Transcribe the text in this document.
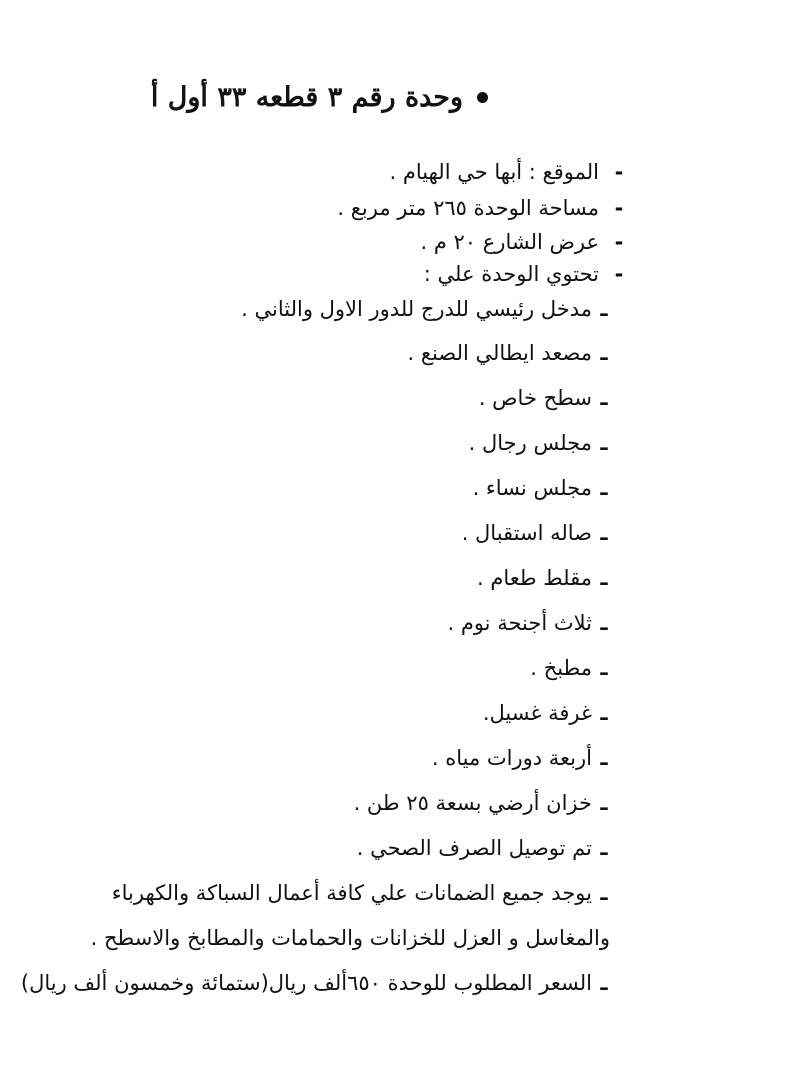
وحدة رقم ٣ قطعه ٣٣ أول أ
-
الموقع : أبها حي الهيام .
-
مساحة الوحدة ٢٦٥ متر مربع .
-
عرض الشارع ٢٠ م .
-
تحتوي الوحدة علي :
ـ
مدخل رئيسي للدرج للدور الاول والثاني .
ـ
مصعد ايطالي الصنع .
ـ
سطح خاص .
ـ
مجلس رجال .
ـ
مجلس نساء .
ـ
صاله استقبال .
ـ
مقلط طعام .
ـ
ثلاث أجنحة نوم .
ـ
مطبخ .
ـ
غرفة غسيل.
ـ
أربعة دورات مياه .
ـ
خزان أرضي بسعة ٢٥ طن .
ـ
تم توصيل الصرف الصحي .
ـ
يوجد جميع الضمانات علي كافة أعمال السباكة والكهرباء
والمغاسل و العزل للخزانات والحمامات والمطابخ والاسطح .
ـ
السعر المطلوب للوحدة ٦٥٠ألف ريال(ستمائة وخمسون ألف ريال)
